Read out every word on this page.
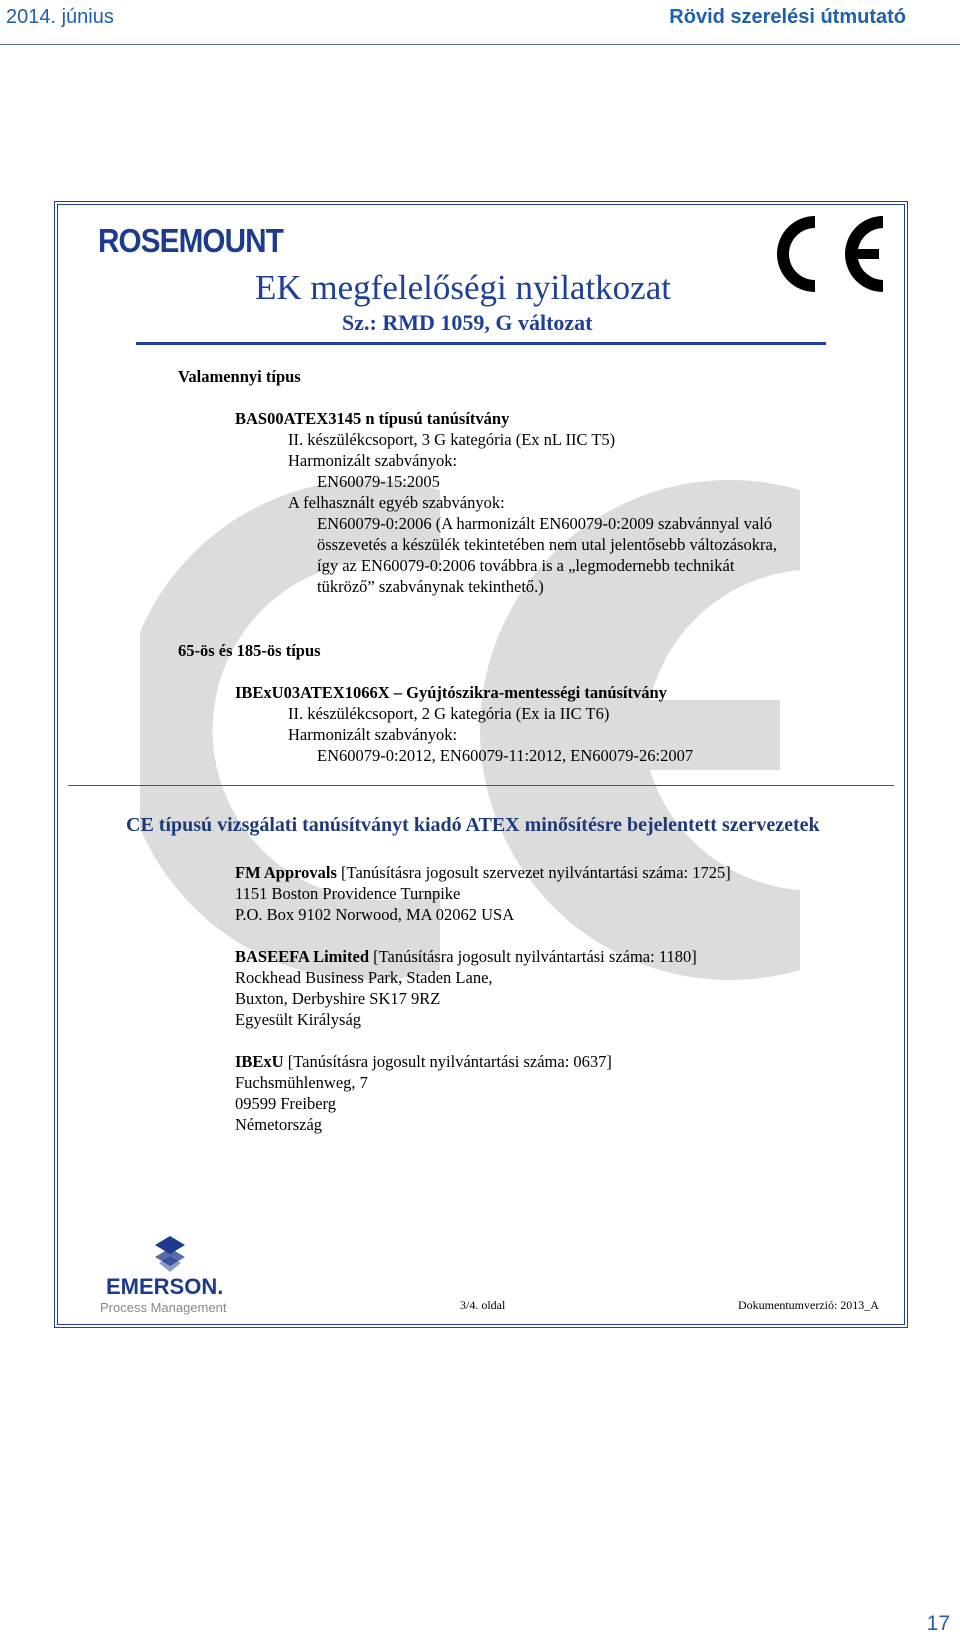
2014. június	Rövid szerelési útmutató
ROSEMOUNT
EK megfelelőségi nyilatkozat
Sz.: RMD 1059, G változat
Valamennyi típus
BAS00ATEX3145 n típusú tanúsítvány
II. készülékcsoport, 3 G kategória (Ex nL IIC T5)
Harmonizált szabványok:
EN60079-15:2005
A felhasznált egyéb szabványok:
EN60079-0:2006 (A harmonizált EN60079-0:2009 szabvánnyal való
összevetés a készülék tekintetében nem utal jelentősebb változásokra,
így az EN60079-0:2006 továbbra is a „legmodernebb technikát
tükröző” szabványnak tekinthető.)
65-ös és 185-ös típus
IBExU03ATEX1066X – Gyújtószikra-mentességi tanúsítvány
II. készülékcsoport, 2 G kategória (Ex ia IIC T6)
Harmonizált szabványok:
EN60079-0:2012, EN60079-11:2012, EN60079-26:2007
CE típusú vizsgálati tanúsítványt kiadó ATEX minősítésre bejelentett szervezetek
FM Approvals [Tanúsításra jogosult szervezet nyilvántartási száma: 1725]
1151 Boston Providence Turnpike
P.O. Box 9102 Norwood, MA 02062 USA
BASEEFA Limited [Tanúsításra jogosult nyilvántartási száma: 1180]
Rockhead Business Park, Staden Lane,
Buxton, Derbyshire SK17 9RZ
Egyesült Királyság
IBExU [Tanúsításra jogosult nyilvántartási száma: 0637]
Fuchsmühlenweg, 7
09599 Freiberg
Németország
EMERSON.
Process Management	3/4. oldal	Dokumentumverzió: 2013_A
17
